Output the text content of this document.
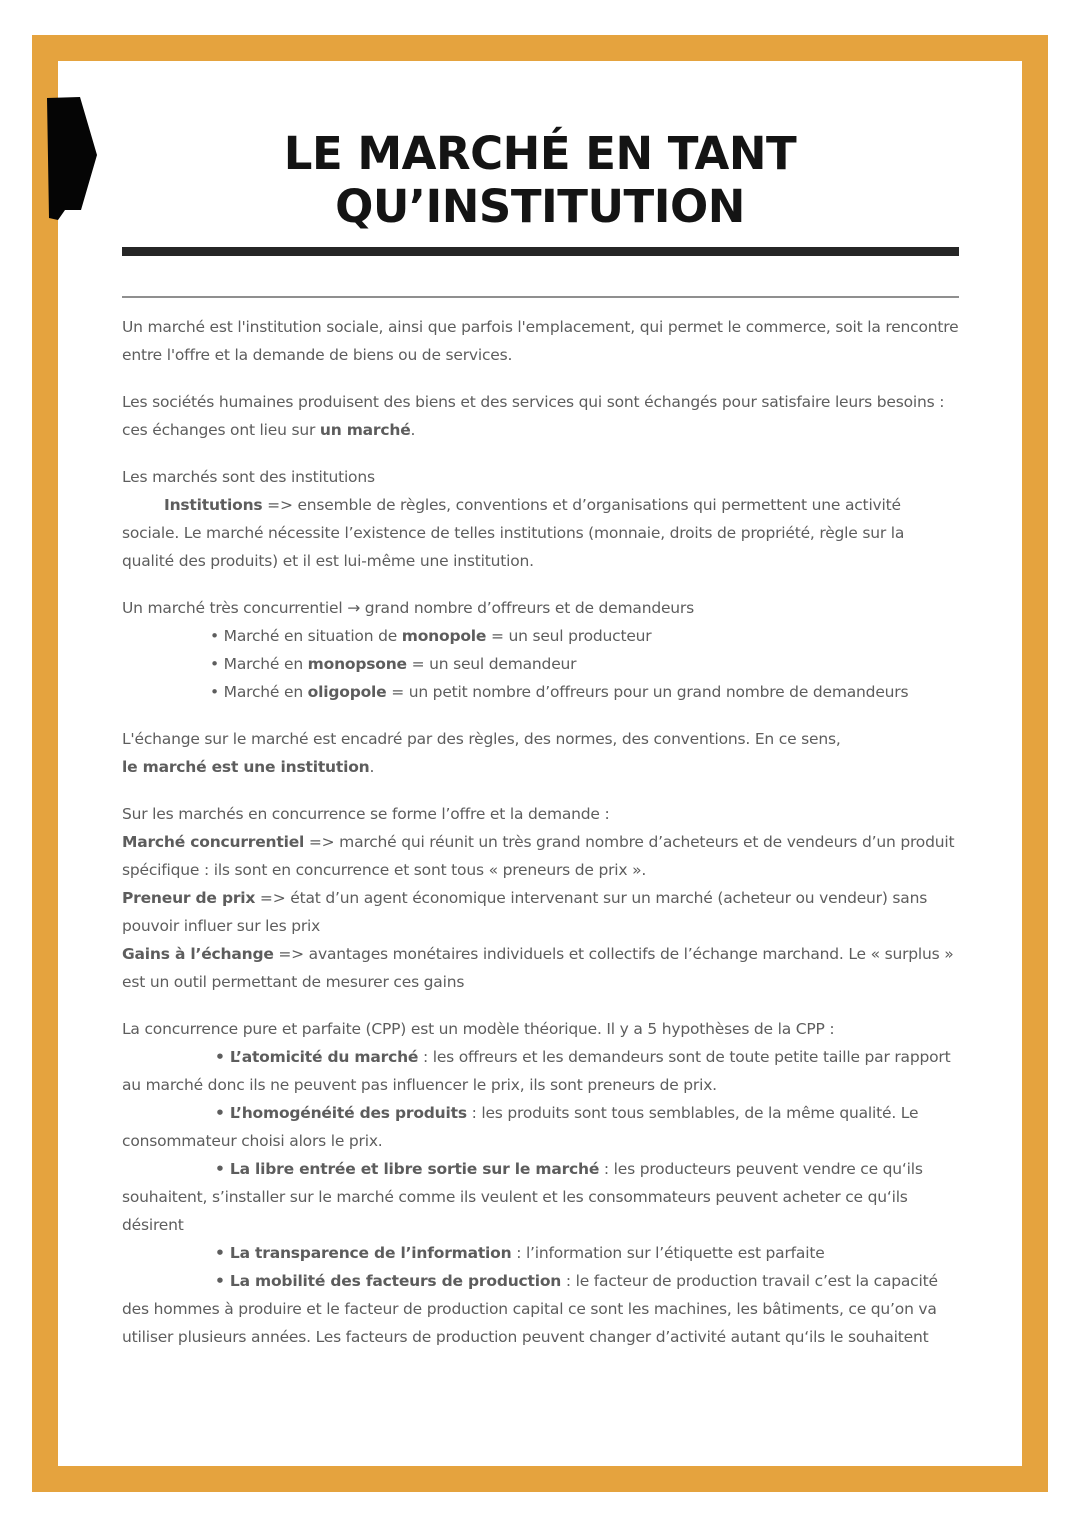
LE MARCHÉ EN TANT
QU’INSTITUTION

Un marché est l'institution sociale, ainsi que parfois l'emplacement, qui permet le commerce, soit la rencontre entre l'offre et la demande de biens ou de services.

Les sociétés humaines produisent des biens et des services qui sont échangés pour satisfaire leurs besoins : ces échanges ont lieu sur un marché.

Les marchés sont des institutions

Institutions => ensemble de règles, conventions et d’organisations qui permettent une activité sociale. Le marché nécessite l’existence de telles institutions (monnaie, droits de propriété, règle sur la qualité des produits) et il est lui-même une institution.

Un marché très concurrentiel → grand nombre d’offreurs et de demandeurs

• Marché en situation de monopole = un seul producteur

• Marché en monopsone = un seul demandeur

• Marché en oligopole = un petit nombre d’offreurs pour un grand nombre de demandeurs

L'échange sur le marché est encadré par des règles, des normes, des conventions. En ce sens,
le marché est une institution.

Sur les marchés en concurrence se forme l’offre et la demande :

Marché concurrentiel => marché qui réunit un très grand nombre d’acheteurs et de vendeurs d’un produit spécifique : ils sont en concurrence et sont tous « preneurs de prix ».

Preneur de prix => état d’un agent économique intervenant sur un marché (acheteur ou vendeur) sans pouvoir influer sur les prix

Gains à l’échange => avantages monétaires individuels et collectifs de l’échange marchand. Le « surplus » est un outil permettant de mesurer ces gains

La concurrence pure et parfaite (CPP) est un modèle théorique. Il y a 5 hypothèses de la CPP :

• L’atomicité du marché : les offreurs et les demandeurs sont de toute petite taille par rapport au marché donc ils ne peuvent pas influencer le prix, ils sont preneurs de prix.

• L’homogénéité des produits : les produits sont tous semblables, de la même qualité. Le consommateur choisi alors le prix.

• La libre entrée et libre sortie sur le marché : les producteurs peuvent vendre ce qu‘ils souhaitent, s’installer sur le marché comme ils veulent et les consommateurs peuvent acheter ce qu‘ils désirent

• La transparence de l’information : l’information sur l’étiquette est parfaite

• La mobilité des facteurs de production : le facteur de production travail c’est la capacité des hommes à produire et le facteur de production capital ce sont les machines, les bâtiments, ce qu’on va utiliser plusieurs années. Les facteurs de production peuvent changer d’activité autant qu‘ils le souhaitent
